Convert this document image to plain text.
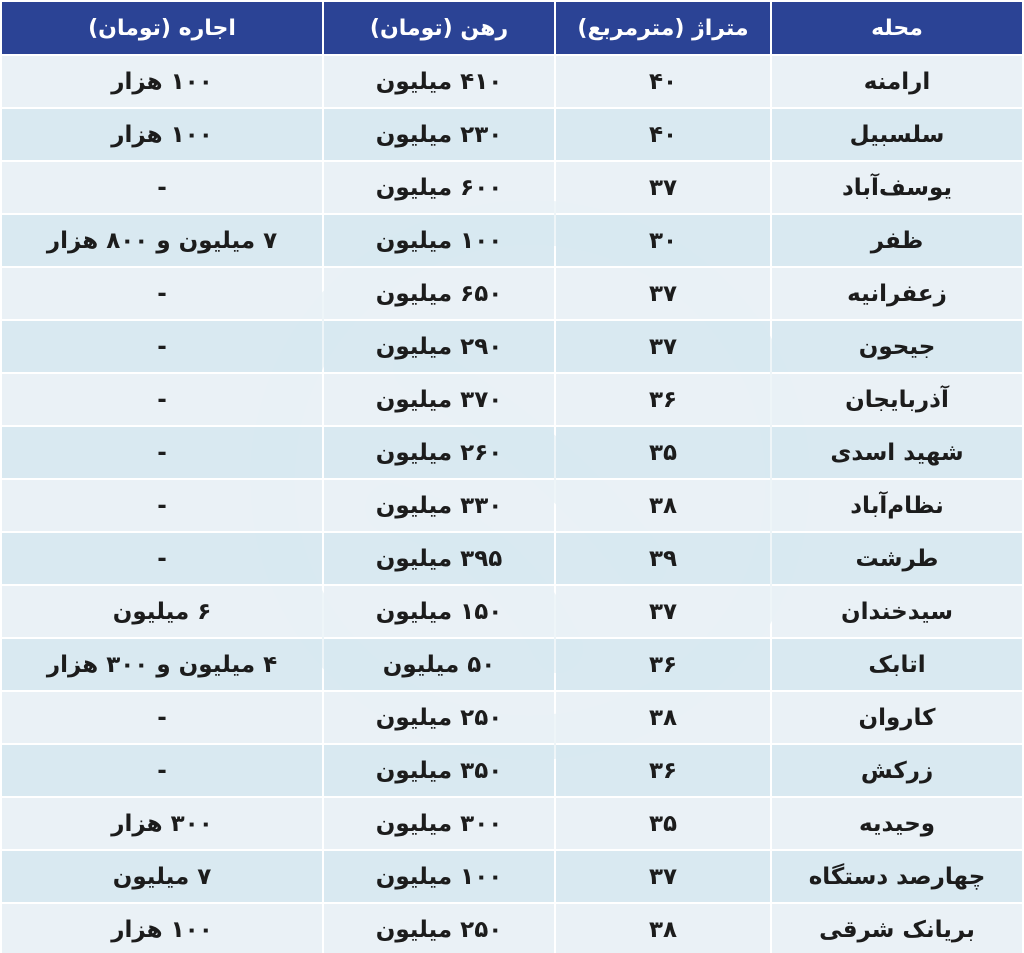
محله
متراژ (مترمربع)
رهن (تومان)
اجاره (تومان)
ارامنه
۴۰
۴۱۰ میلیون
۱۰۰ هزار
سلسبیل
۴۰
۲۳۰ میلیون
۱۰۰ هزار
یوسف‌آباد
۳۷
۶۰۰ میلیون
-
ظفر
۳۰
۱۰۰ میلیون
۷ میلیون و ۸۰۰ هزار
زعفرانیه
۳۷
۶۵۰ میلیون
-
جیحون
۳۷
۲۹۰ میلیون
-
آذربایجان
۳۶
۳۷۰ میلیون
-
شهید اسدی
۳۵
۲۶۰ میلیون
-
نظام‌آباد
۳۸
۳۳۰ میلیون
-
طرشت
۳۹
۳۹۵ میلیون
-
سیدخندان
۳۷
۱۵۰ میلیون
۶ میلیون
اتابک
۳۶
۵۰ میلیون
۴ میلیون و ۳۰۰ هزار
کاروان
۳۸
۲۵۰ میلیون
-
زرکش
۳۶
۳۵۰ میلیون
-
وحیدیه
۳۵
۳۰۰ میلیون
۳۰۰ هزار
چهارصد دستگاه
۳۷
۱۰۰ میلیون
۷ میلیون
بریانک شرقی
۳۸
۲۵۰ میلیون
۱۰۰ هزار
